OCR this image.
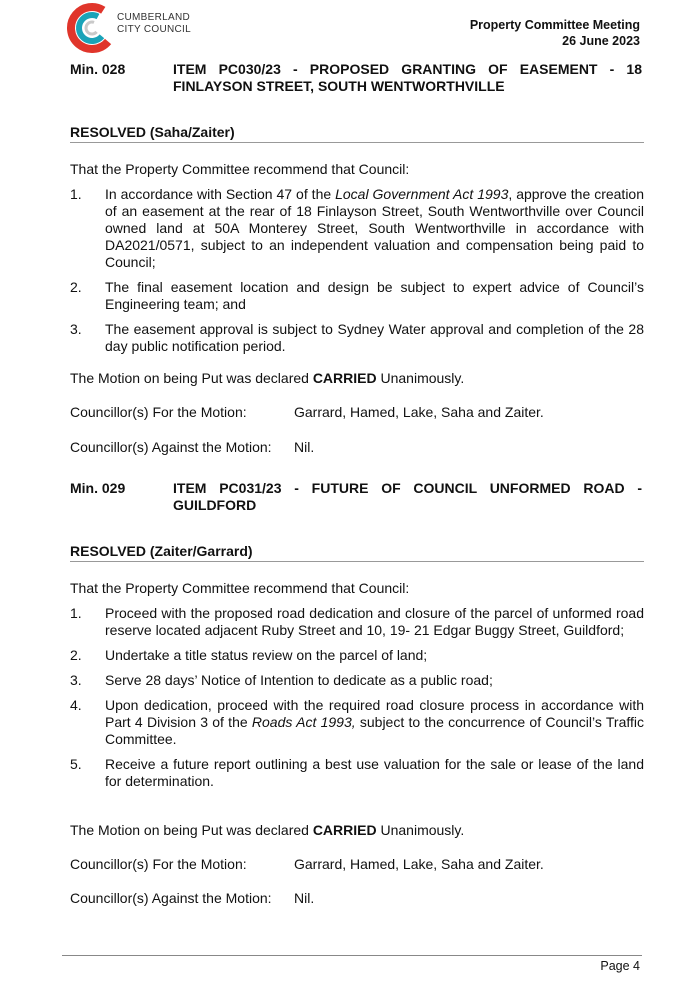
CUMBERLAND
CITY COUNCIL	Property Committee Meeting
26 June 2023
Min. 028	ITEM PC030/23 - PROPOSED GRANTING OF EASEMENT - 18 FINLAYSON STREET, SOUTH WENTWORTHVILLE
RESOLVED (Saha/Zaiter)
That the Property Committee recommend that Council:
1. In accordance with Section 47 of the Local Government Act 1993, approve the creation of an easement at the rear of 18 Finlayson Street, South Wentworthville over Council owned land at 50A Monterey Street, South Wentworthville in accordance with DA2021/0571, subject to an independent valuation and compensation being paid to Council;
2. The final easement location and design be subject to expert advice of Council’s Engineering team; and
3. The easement approval is subject to Sydney Water approval and completion of the 28 day public notification period.
The Motion on being Put was declared CARRIED Unanimously.
Councillor(s) For the Motion:	Garrard, Hamed, Lake, Saha and Zaiter.
Councillor(s) Against the Motion: Nil.
Min. 029	ITEM PC031/23 - FUTURE OF COUNCIL UNFORMED ROAD - GUILDFORD
RESOLVED (Zaiter/Garrard)
That the Property Committee recommend that Council:
1. Proceed with the proposed road dedication and closure of the parcel of unformed road reserve located adjacent Ruby Street and 10, 19- 21 Edgar Buggy Street, Guildford;
2. Undertake a title status review on the parcel of land;
3. Serve 28 days’ Notice of Intention to dedicate as a public road;
4. Upon dedication, proceed with the required road closure process in accordance with Part 4 Division 3 of the Roads Act 1993, subject to the concurrence of Council’s Traffic Committee.
5. Receive a future report outlining a best use valuation for the sale or lease of the land for determination.
The Motion on being Put was declared CARRIED Unanimously.
Councillor(s) For the Motion:	Garrard, Hamed, Lake, Saha and Zaiter.
Councillor(s) Against the Motion: Nil.
Page 4
